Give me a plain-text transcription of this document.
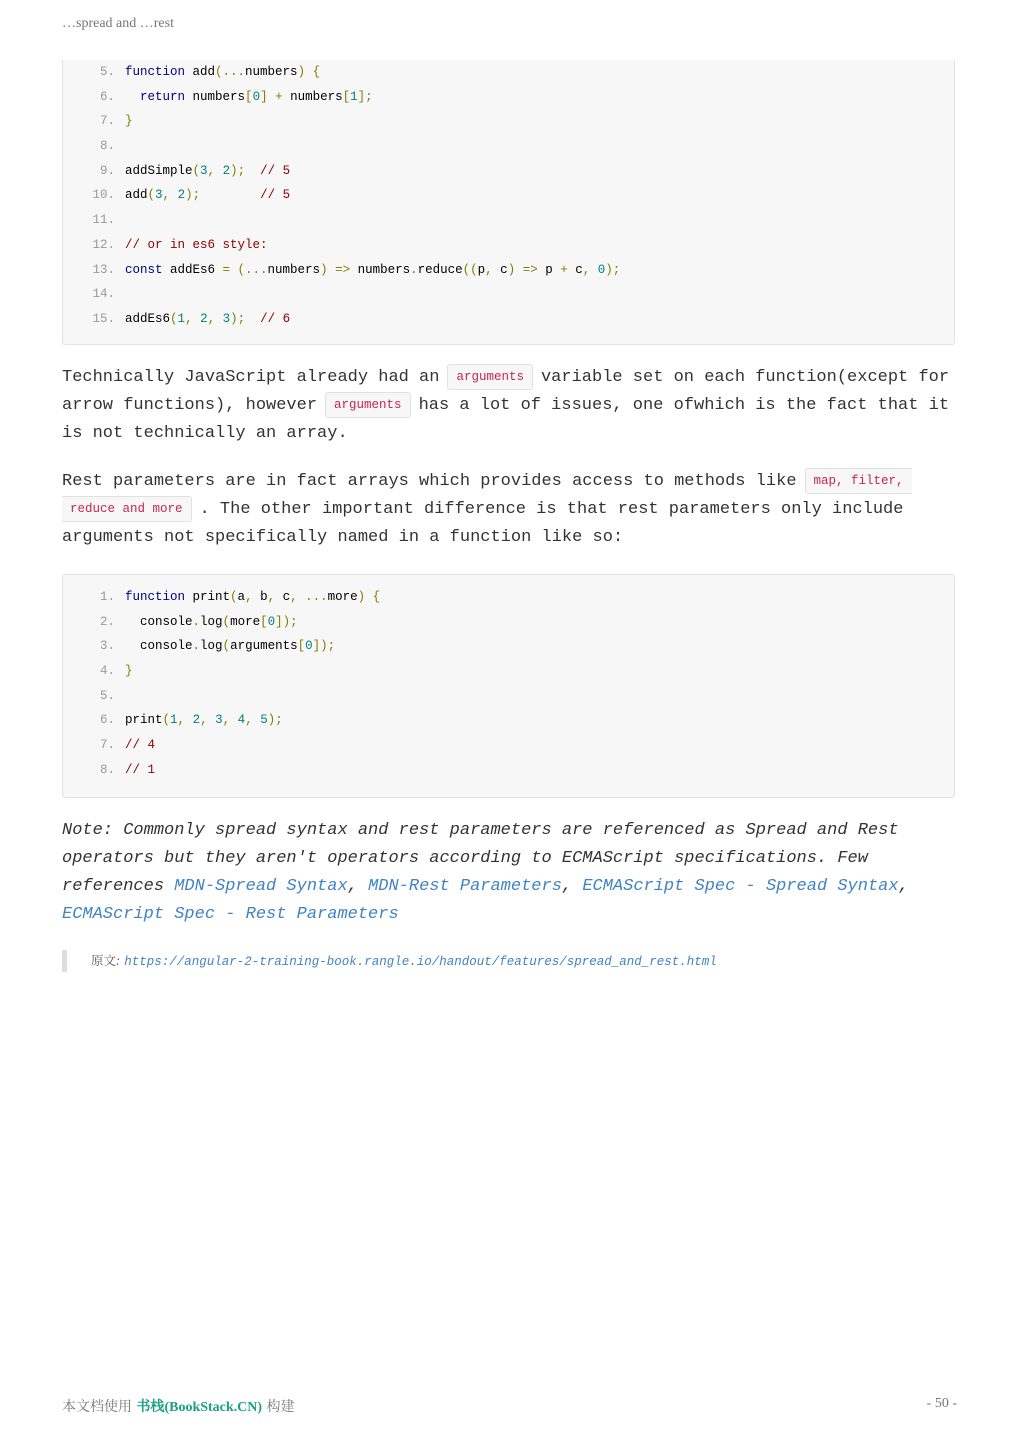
…spread and …rest
5. function add(...numbers) {
6.	return numbers[0] + numbers[1];
7. }
8.
9. addSimple(3, 2); // 5
10. add(3, 2);	// 5
11.
12. // or in es6 style:
13. const addEs6 = (...numbers) => numbers.reduce((p, c) => p + c, 0);
14.
15. addEs6(1, 2, 3); // 6
Technically JavaScript already had an arguments variable set on each function(except for arrow functions), however arguments has a lot of issues, one ofwhich is the fact that it is not technically an array.
Rest parameters are in fact arrays which provides access to methods like map, filter,
reduce and more . The other important difference is that rest parameters only include arguments not specifically named in a function like so:
1. function print(a, b, c, ...more) {
2. console.log(more[0]);
3. console.log(arguments[0]);
4. }
5.
6. print(1, 2, 3, 4, 5);
7. // 4
8. // 1
Note: Commonly spread syntax and rest parameters are referenced as Spread and Rest operators but they aren't operators according to ECMAScript specifications. Few references MDN-Spread Syntax, MDN-Rest Parameters, ECMAScript Spec - Spread Syntax,
ECMAScript Spec - Rest Parameters
原文: https://angular-2-training-book.rangle.io/handout/features/spread_and_rest.html
本文档使用 书栈(BookStack.CN) 构建	- 50 -
